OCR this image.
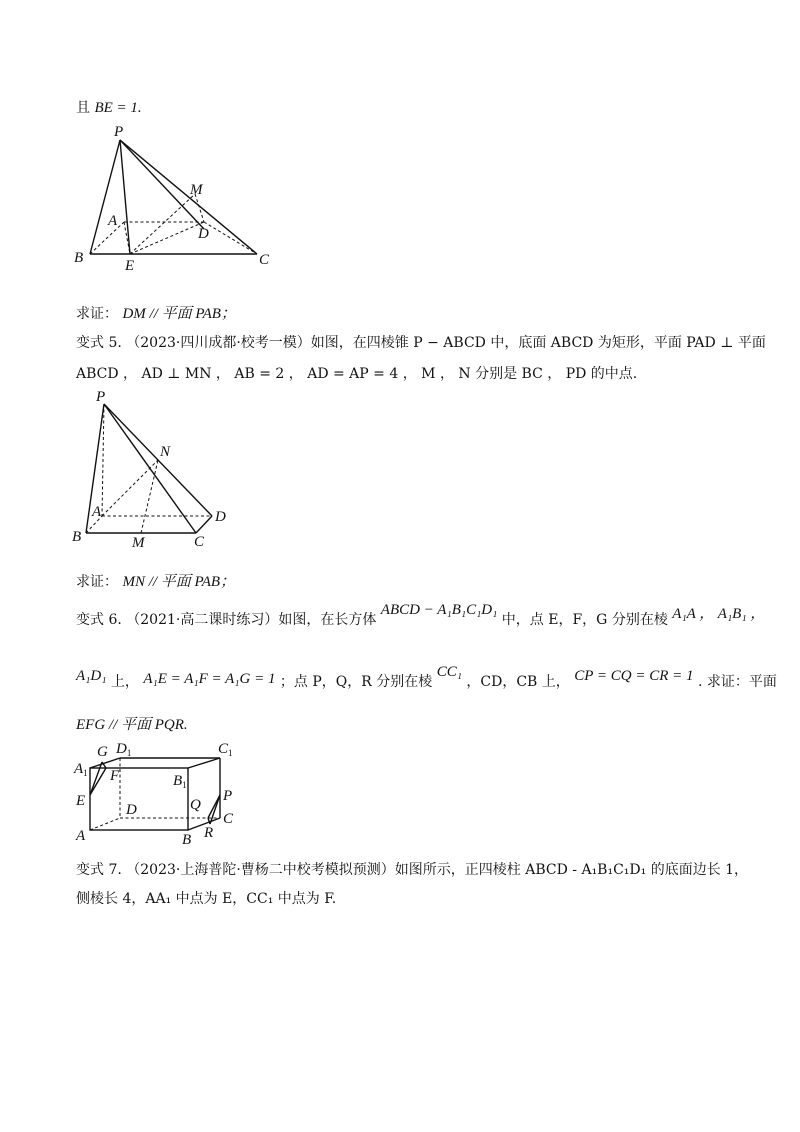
且 BE = 1.
P
A
M
D
B	E	C
求证： DM // 平面 PAB；
变式 5. （2023·四川成都·校考一模）如图，在四棱锥 P − ABCD 中，底面 ABCD 为矩形，平面 PAD ⊥ 平面
ABCD ， AD ⊥ MN ， AB = 2 ， AD = AP = 4 ， M ， N 分别是 BC ， PD 的中点.
P
N
A	D
B	M	C
求证： MN // 平面 PAB；
变式 6. （2021·高二课时练习）如图，在长方体 ABCD − A₁B₁C₁D₁ 中，点 E，F，G 分别在棱 A₁A ， A₁B₁ ，
A₁D₁ 上， A₁E = A₁F = A₁G = 1 ；点 P，Q，R 分别在棱 CC₁ ，CD，CB 上， CP = CQ = CR = 1 . 求证：平面
EFG // 平面 PQR.
G $D_1$	$C_1$
$A_1$ F	$B_1$
E
D	Q
P
C
R
A	B
变式 7. （2023·上海普陀·曹杨二中校考模拟预测）如图所示，正四棱柱 ABCD - A₁B₁C₁D₁ 的底面边长 1，
侧棱长 4，AA₁ 中点为 E，CC₁ 中点为 F.
